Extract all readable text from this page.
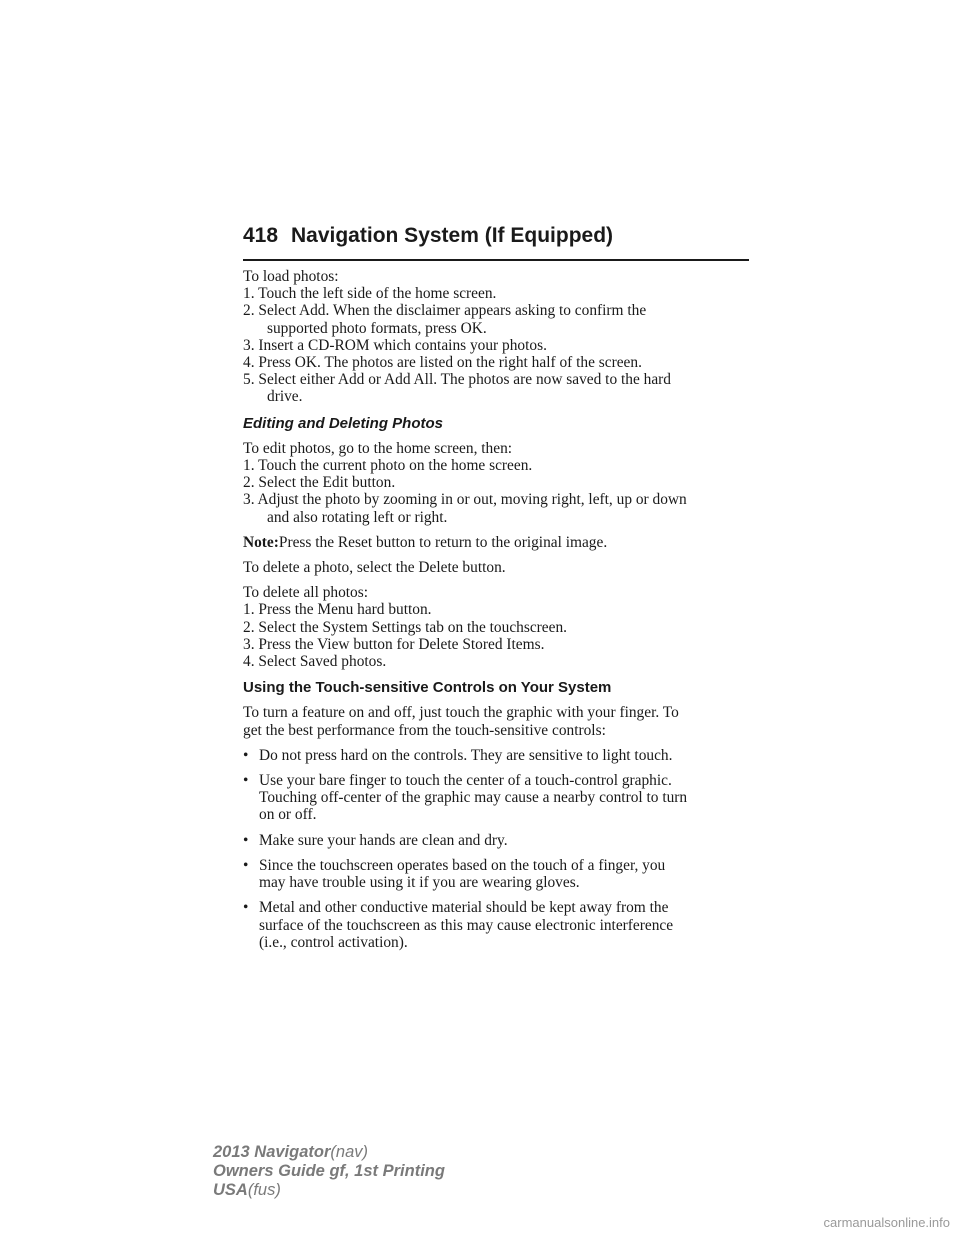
418 Navigation System (If Equipped)
To load photos:
1. Touch the left side of the home screen.
2. Select Add. When the disclaimer appears asking to confirm the
supported photo formats, press OK.
3. Insert a CD-ROM which contains your photos.
4. Press OK. The photos are listed on the right half of the screen.
5. Select either Add or Add All. The photos are now saved to the hard
drive.
Editing and Deleting Photos
To edit photos, go to the home screen, then:
1. Touch the current photo on the home screen.
2. Select the Edit button.
3. Adjust the photo by zooming in or out, moving right, left, up or down
and also rotating left or right.
Note:Press the Reset button to return to the original image.
To delete a photo, select the Delete button.
To delete all photos:
1. Press the Menu hard button.
2. Select the System Settings tab on the touchscreen.
3. Press the View button for Delete Stored Items.
4. Select Saved photos.
Using the Touch-sensitive Controls on Your System
To turn a feature on and off, just touch the graphic with your finger. To
get the best performance from the touch-sensitive controls:
• Do not press hard on the controls. They are sensitive to light touch.
• Use your bare finger to touch the center of a touch-control graphic.
Touching off-center of the graphic may cause a nearby control to turn
on or off.
• Make sure your hands are clean and dry.
• Since the touchscreen operates based on the touch of a finger, you
may have trouble using it if you are wearing gloves.
• Metal and other conductive material should be kept away from the
surface of the touchscreen as this may cause electronic interference
(i.e., control activation).
2013 Navigator(nav)
Owners Guide gf, 1st Printing
USA(fus)
carmanualsonline.info
